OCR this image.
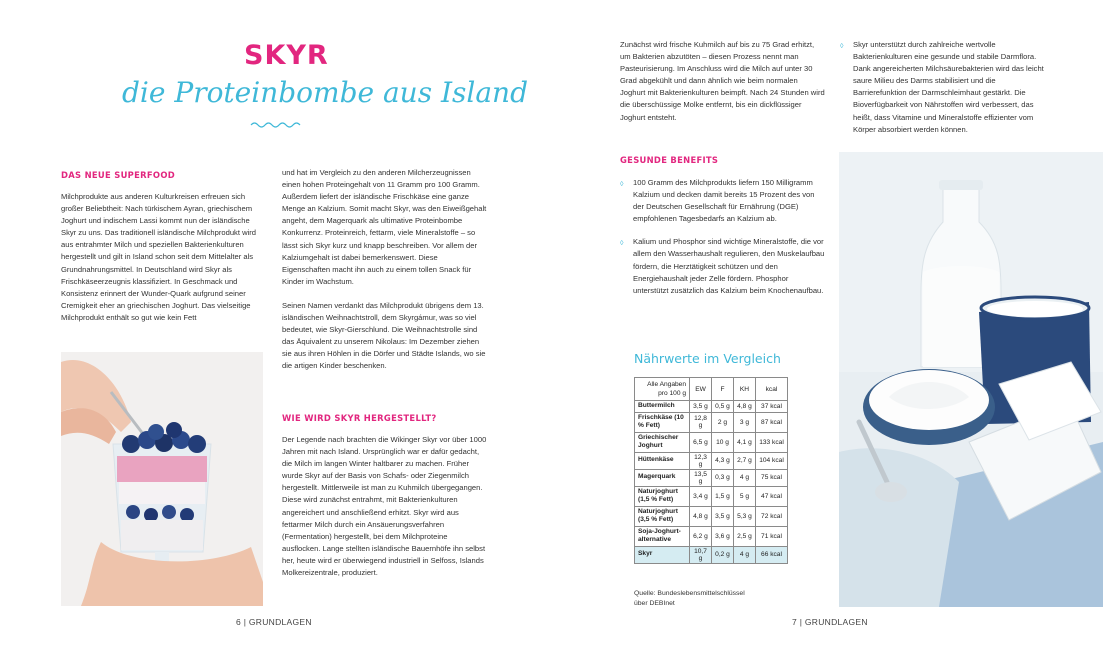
SKYR
die Proteinbombe aus Island
DAS NEUE SUPERFOOD

Milchprodukte aus anderen Kulturkreisen erfreuen sich großer Beliebtheit: Nach türkischem Ayran, griechischem Joghurt und indischem Lassi kommt nun der isländische Skyr zu uns. Das traditionell isländische Milchprodukt wird aus entrahmter Milch und speziellen Bakterienkulturen hergestellt und gilt in Island schon seit dem Mittelalter als Grundnahrungsmittel. In Deutschland wird Skyr als Frischkäseerzeugnis klassifiziert. In Geschmack und Konsistenz erinnert der Wunder-Quark aufgrund seiner Cremigkeit eher an griechischen Joghurt. Das vielseitige Milchprodukt enthält so gut wie kein Fett

und hat im Vergleich zu den anderen Milcherzeugnissen einen hohen Proteingehalt von 11 Gramm pro 100 Gramm. Außerdem liefert der isländische Frischkäse eine ganze Menge an Kalzium. Somit macht Skyr, was den Eiweißgehalt angeht, dem Magerquark als ultimative Proteinbombe Konkurrenz. Proteinreich, fettarm, viele Mineralstoffe – so lässt sich Skyr kurz und knapp beschreiben. Vor allem der Kalziumgehalt ist dabei bemerkenswert. Diese Eigenschaften macht ihn auch zu einem tollen Snack für Kinder im Wachstum.

Seinen Namen verdankt das Milchprodukt übrigens dem 13. isländischen Weihnachtstroll, dem Skyrgámur, was so viel bedeutet, wie Skyr-Gierschlund. Die Weihnachtstrolle sind das Äquivalent zu unserem Nikolaus: Im Dezember ziehen sie aus ihren Höhlen in die Dörfer und Städte Islands, wo sie die artigen Kinder beschenken.

WIE WIRD SKYR HERGESTELLT?

Der Legende nach brachten die Wikinger Skyr vor über 1000 Jahren mit nach Island. Ursprünglich war er dafür gedacht, die Milch im langen Winter haltbarer zu machen. Früher wurde Skyr auf der Basis von Schafs- oder Ziegenmilch hergestellt. Mittlerweile ist man zu Kuhmilch übergegangen. Diese wird zunächst entrahmt, mit Bakterienkulturen angereichert und anschließend erhitzt. Skyr wird aus fettarmer Milch durch ein Ansäuerungsverfahren (Fermentation) hergestellt, bei dem Milchproteine ausflocken. Lange stellten isländische Bauernhöfe ihn selbst her, heute wird er überwiegend industriell in Selfoss, Islands Molkereizentrale, produziert.

6 | GRUNDLAGEN

Zunächst wird frische Kuhmilch auf bis zu 75 Grad erhitzt, um Bakterien abzutöten – diesen Prozess nennt man Pasteurisierung. Im Anschluss wird die Milch auf unter 30 Grad abgekühlt und dann ähnlich wie beim normalen Joghurt mit Bakterienkulturen beimpft. Nach 24 Stunden wird die überschüssige Molke entfernt, bis ein dickflüssiger Joghurt entsteht.

GESUNDE BENEFITS
◊ 100 Gramm des Milchprodukts liefern 150 Milligramm Kalzium und decken damit bereits 15 Prozent des von der Deutschen Gesellschaft für Ernährung (DGE) empfohlenen Tagesbedarfs an Kalzium ab.
◊ Kalium und Phosphor sind wichtige Mineralstoffe, die vor allem den Wasserhaushalt regulieren, den Muskelaufbau fördern, die Herztätigkeit schützen und den Energiehaushalt jeder Zelle fördern. Phosphor unterstützt zusätzlich das Kalzium beim Knochenaufbau.
◊ Skyr unterstützt durch zahlreiche wertvolle Bakterienkulturen eine gesunde und stabile Darmflora. Dank angereicherten Milchsäurebakterien wird das leicht saure Milieu des Darms stabilisiert und die Barrierefunktion der Darmschleimhaut gestärkt. Die Bioverfügbarkeit von Nährstoffen wird verbessert, das heißt, dass Vitamine und Mineralstoffe effizienter vom Körper absorbiert werden können.
Nährwerte im Vergleich
Alle Angaben
pro 100 g	EW	F	KH	kcal
Buttermilch	3,5 g	0,5 g	4,8 g	37 kcal
Frischkäse (10 % Fett)	12,8 g	2 g	3 g	87 kcal
Griechischer Joghurt	6,5 g	10 g	4,1 g	133 kcal
Hüttenkäse	12,3 g	4,3 g	2,7 g	104 kcal
Magerquark	13,5 g	0,3 g	4 g	75 kcal
Naturjoghurt (1,5 % Fett)	3,4 g	1,5 g	5 g	47 kcal
Naturjoghurt (3,5 % Fett)	4,8 g	3,5 g	5,3 g	72 kcal
Soja-Joghurt-alternative	6,2 g	3,6 g	2,5 g	71 kcal
Skyr	10,7 g	0,2 g	4 g	66 kcal
Quelle: Bundeslebensmittelschlüssel
über DEBInet
7 | GRUNDLAGEN
